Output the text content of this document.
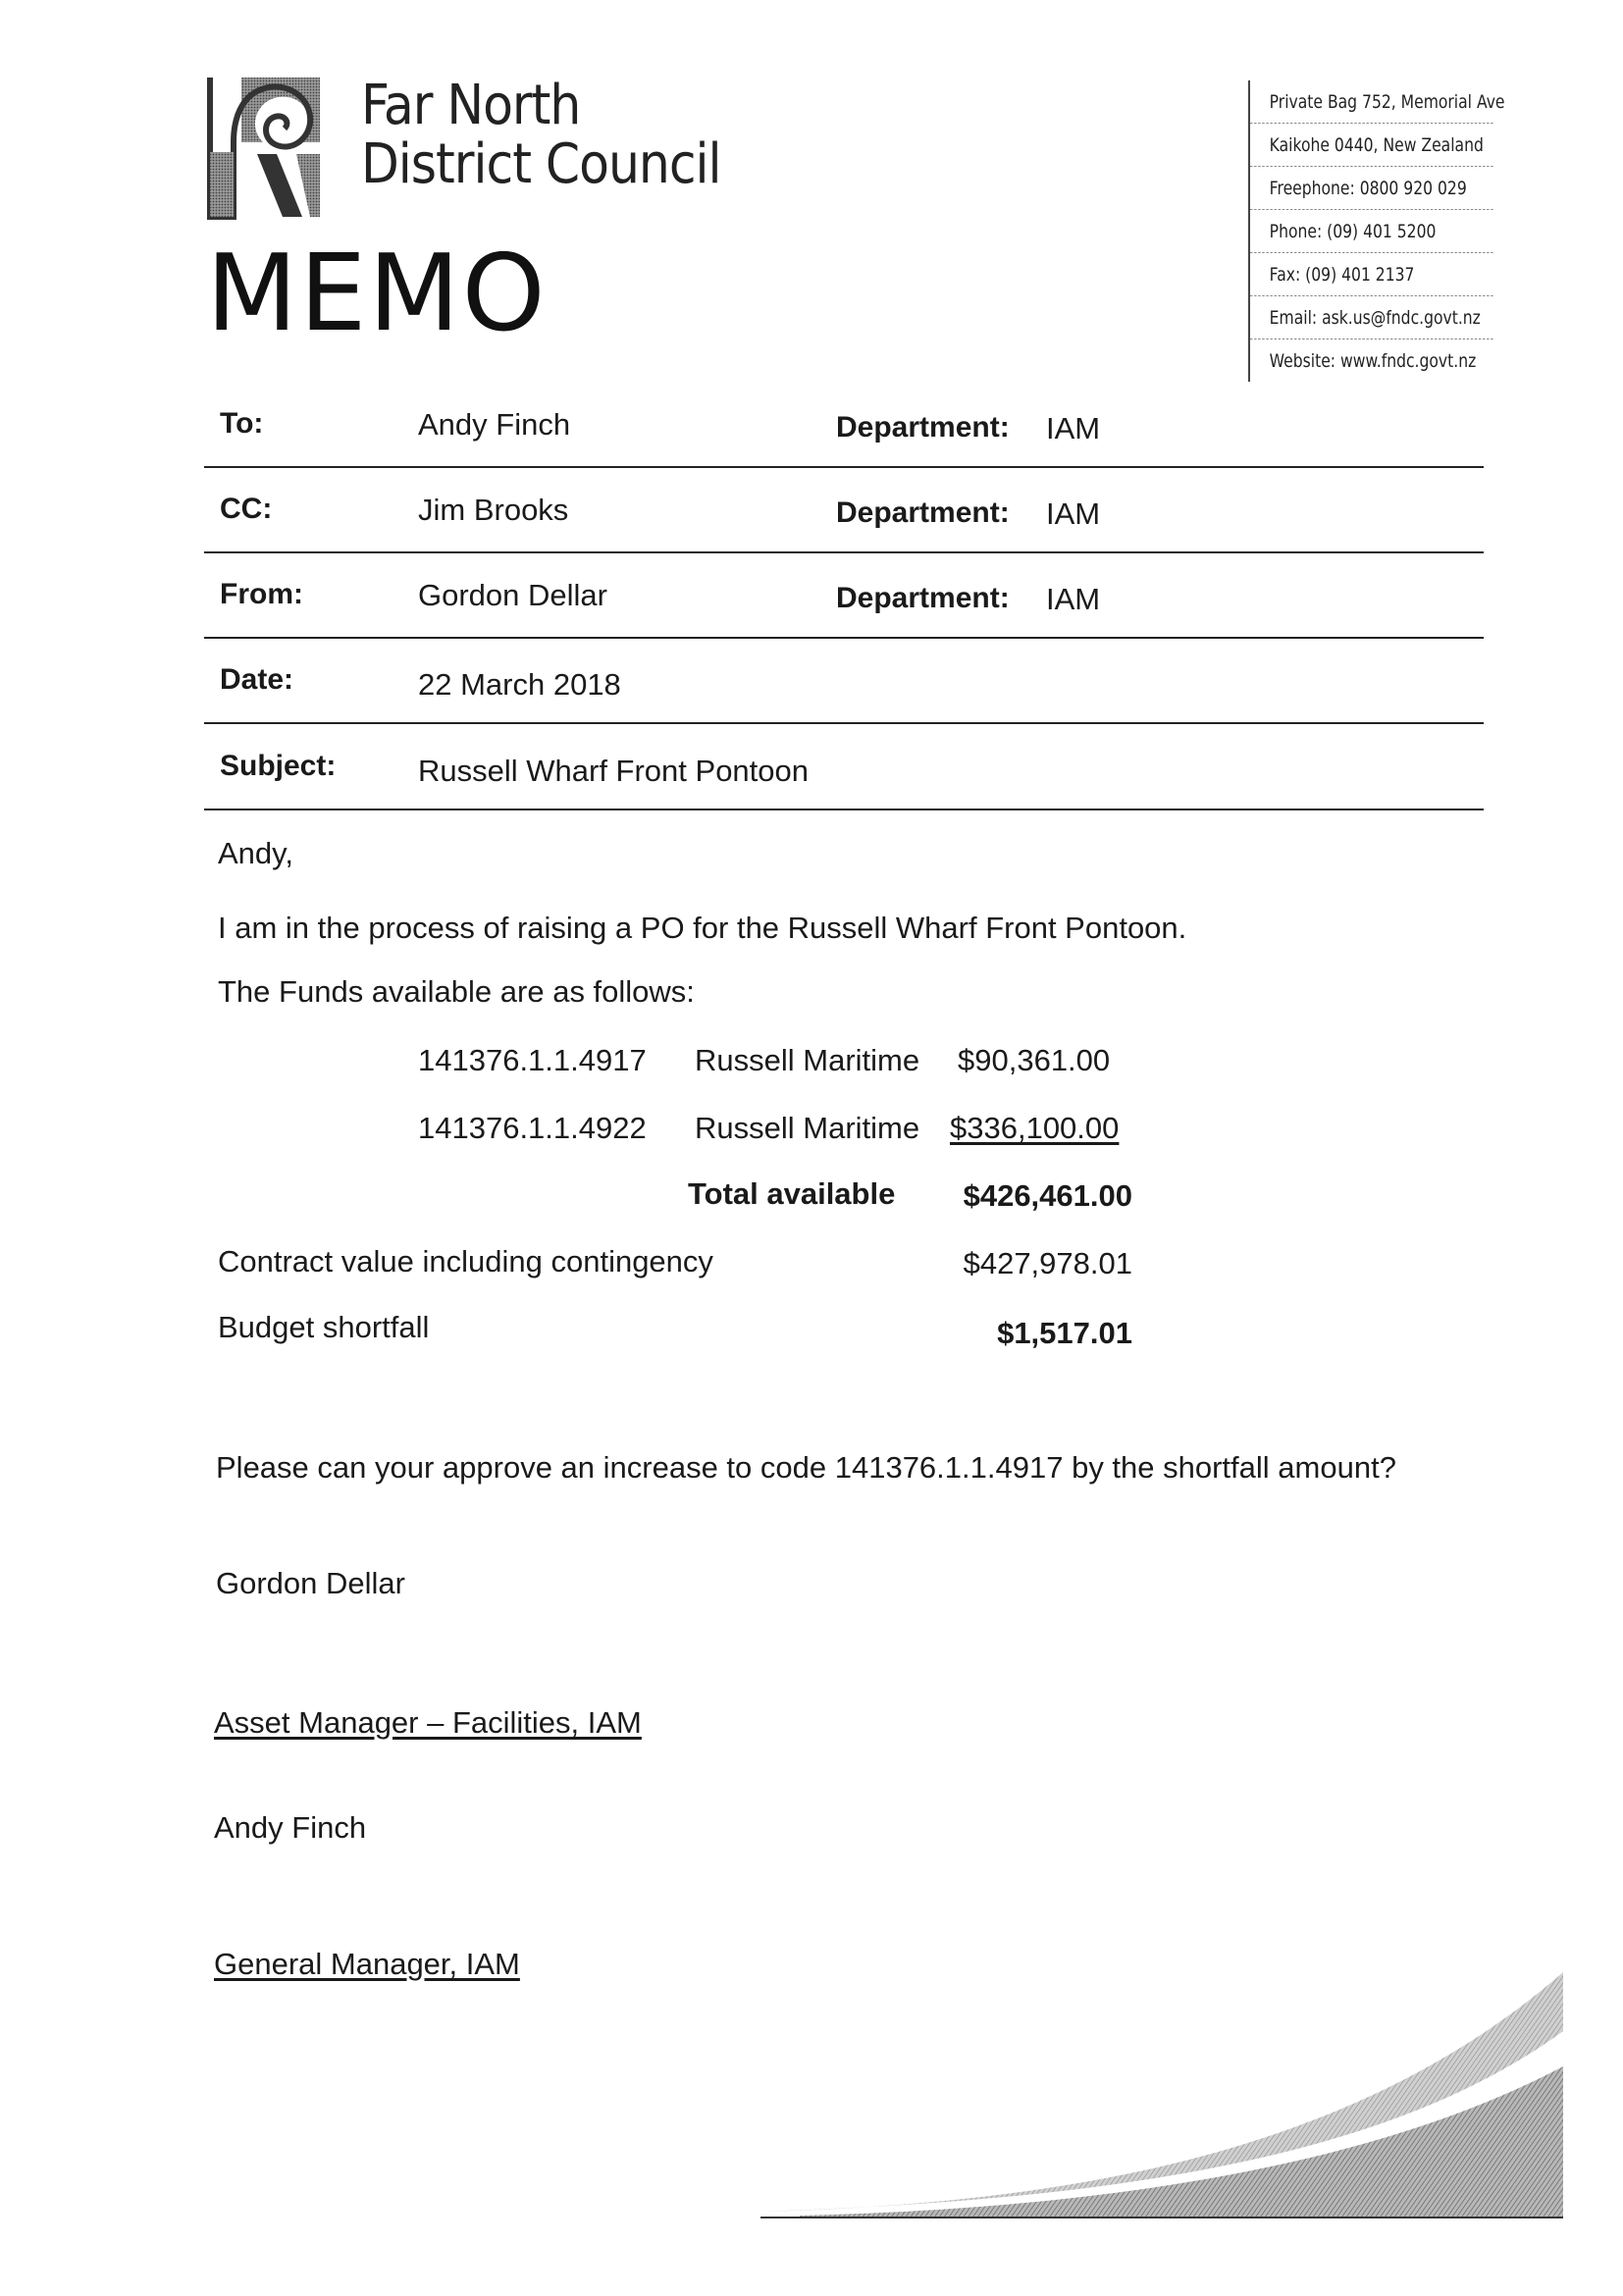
Far North
District Council
MEMO
Private Bag 752, Memorial Ave
Kaikohe 0440, New Zealand
Freephone: 0800 920 029
Phone: (09) 401 5200
Fax: (09) 401 2137
Email: ask.us@fndc.govt.nz
Website: www.fndc.govt.nz
To:	Andy Finch	Department: IAM
CC:	Jim Brooks	Department: IAM
From:	Gordon Dellar	Department: IAM
Date:	22 March 2018
Subject:	Russell Wharf Front Pontoon
Andy,
I am in the process of raising a PO for the Russell Wharf Front Pontoon.
The Funds available are as follows:
141376.1.1.4917 Russell Maritime $90,361.00
141376.1.1.4922 Russell Maritime $336,100.00
Total available	$426,461.00
Contract value including contingency	$427,978.01
Budget shortfall	$1,517.01
Please can your approve an increase to code 141376.1.1.4917 by the shortfall amount?
Gordon Dellar
Asset Manager – Facilities, IAM
Andy Finch
General Manager, IAM
